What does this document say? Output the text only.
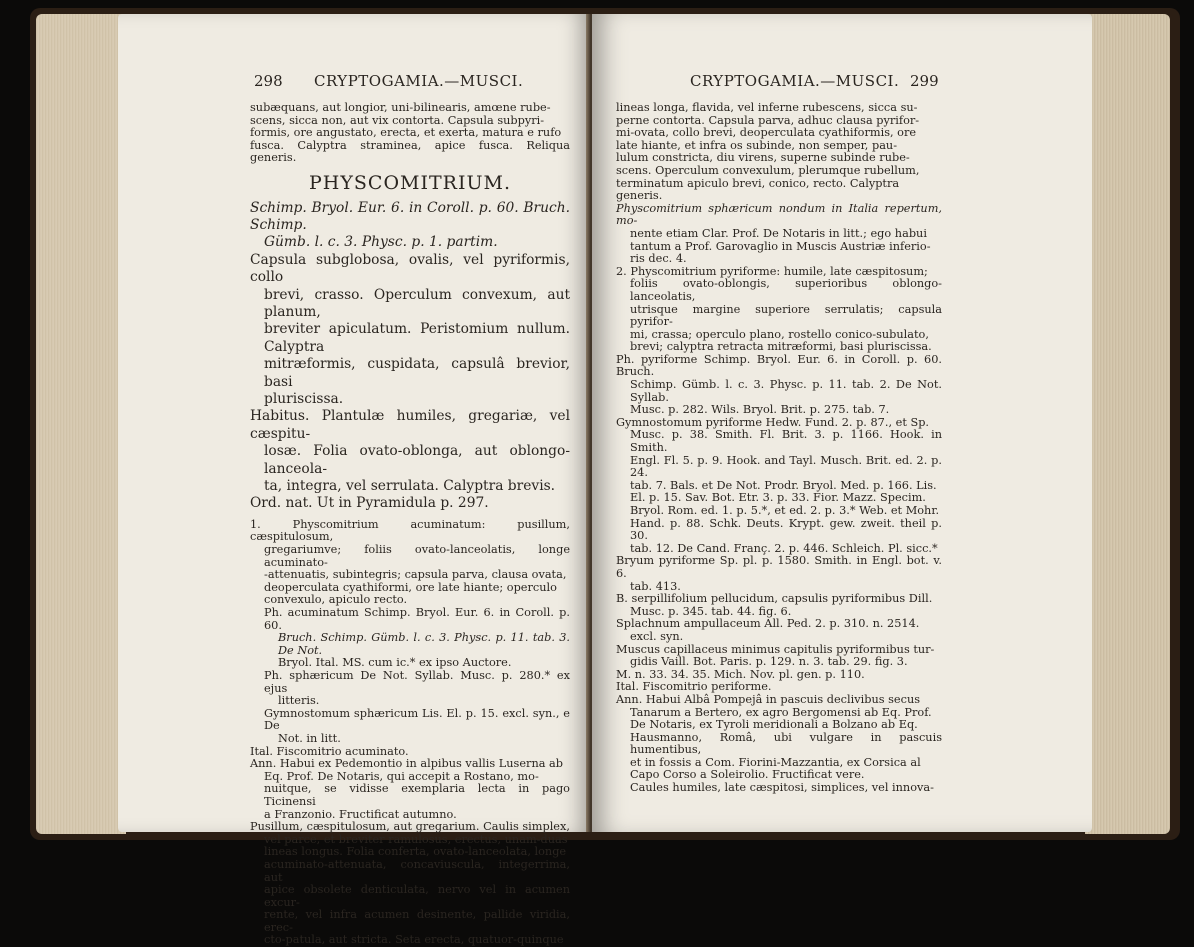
298 CRYPTOGAMIA.—MUSCI.

subæquans, aut longior, uni-bilinearis, amœne rube-

scens, sicca non, aut vix contorta. Capsula subpyri-

formis, ore angustato, erecta, et exerta, matura e rufo

fusca. Calyptra straminea, apice fusca. Reliqua generis.

PHYSCOMITRIUM.

Schimp. Bryol. Eur. 6. in Coroll. p. 60. Bruch. Schimp.

Gümb. l. c. 3. Physc. p. 1. partim.

Capsula subglobosa, ovalis, vel pyriformis, collo

brevi, crasso. Operculum convexum, aut planum,

breviter apiculatum. Peristomium nullum. Calyptra

mitræformis, cuspidata, capsulâ brevior, basi

pluriscissa.

Habitus. Plantulæ humiles, gregariæ, vel cæspitu-

losæ. Folia ovato-oblonga, aut oblongo-lanceola-

ta, integra, vel serrulata. Calyptra brevis.

Ord. nat. Ut in Pyramidula p. 297.

1. Physcomitrium acuminatum: pusillum, cæspitulosum,

gregariumve; foliis ovato-lanceolatis, longe acuminato-

-attenuatis, subintegris; capsula parva, clausa ovata,

deoperculata cyathiformi, ore late hiante; operculo

convexulo, apiculo recto.

Ph. acuminatum Schimp. Bryol. Eur. 6. in Coroll. p. 60.

Bruch. Schimp. Gümb. l. c. 3. Physc. p. 11. tab. 3. De Not.

Bryol. Ital. MS. cum ic.* ex ipso Auctore.

Ph. sphæricum De Not. Syllab. Musc. p. 280.* ex ejus

litteris.

Gymnostomum sphæricum Lis. El. p. 15. excl. syn., e De

Not. in litt.

Ital. Fiscomitrio acuminato.

Ann. Habui ex Pedemontio in alpibus vallis Luserna ab

Eq. Prof. De Notaris, qui accepit a Rostano, mo-

nuitque, se vidisse exemplaria lecta in pago Ticinensi

a Franzonio. Fructificat autumno.

Pusillum, cæspitulosum, aut gregarium. Caulis simplex,

vel parce, et breviter ramulosus, erectus, unam-duas

lineas longus. Folia conferta, ovato-lanceolata, longe

acuminato-attenuata, concaviuscula, integerrima, aut

apice obsolete denticulata, nervo vel in acumen excur-

rente, vel infra acumen desinente, pallide viridia, erec-

cto-patula, aut stricta. Seta erecta, quatuor-quinque

CRYPTOGAMIA.—MUSCI. 299

lineas longa, flavida, vel inferne rubescens, sicca su-

perne contorta. Capsula parva, adhuc clausa pyrifor-

mi-ovata, collo brevi, deoperculata cyathiformis, ore

late hiante, et infra os subinde, non semper, pau-

lulum constricta, diu virens, superne subinde rube-

scens. Operculum convexulum, plerumque rubellum,

terminatum apiculo brevi, conico, recto. Calyptra

generis.

Physcomitrium sphæricum nondum in Italia repertum, mo-

nente etiam Clar. Prof. De Notaris in litt.; ego habui

tantum a Prof. Garovaglio in Muscis Austriæ inferio-

ris dec. 4.

2. Physcomitrium pyriforme: humile, late cæspitosum;

foliis ovato-oblongis, superioribus oblongo-lanceolatis,

utrisque margine superiore serrulatis; capsula pyrifor-

mi, crassa; operculo plano, rostello conico-subulato,

brevi; calyptra retracta mitræformi, basi pluriscissa.

Ph. pyriforme Schimp. Bryol. Eur. 6. in Coroll. p. 60. Bruch.

Schimp. Gümb. l. c. 3. Physc. p. 11. tab. 2. De Not. Syllab.

Musc. p. 282. Wils. Bryol. Brit. p. 275. tab. 7.

Gymnostomum pyriforme Hedw. Fund. 2. p. 87., et Sp.

Musc. p. 38. Smith. Fl. Brit. 3. p. 1166. Hook. in Smith.

Engl. Fl. 5. p. 9. Hook. and Tayl. Musch. Brit. ed. 2. p. 24.

tab. 7. Bals. et De Not. Prodr. Bryol. Med. p. 166. Lis.

El. p. 15. Sav. Bot. Etr. 3. p. 33. Fior. Mazz. Specim.

Bryol. Rom. ed. 1. p. 5.*, et ed. 2. p. 3.* Web. et Mohr.

Hand. p. 88. Schk. Deuts. Krypt. gew. zweit. theil p. 30.

tab. 12. De Cand. Franç. 2. p. 446. Schleich. Pl. sicc.*

Bryum pyriforme Sp. pl. p. 1580. Smith. in Engl. bot. v. 6.

tab. 413.

B. serpillifolium pellucidum, capsulis pyriformibus Dill.

Musc. p. 345. tab. 44. fig. 6.

Splachnum ampullaceum All. Ped. 2. p. 310. n. 2514.

excl. syn.

Muscus capillaceus minimus capitulis pyriformibus tur-

gidis Vaill. Bot. Paris. p. 129. n. 3. tab. 29. fig. 3.

M. n. 33. 34. 35. Mich. Nov. pl. gen. p. 110.

Ital. Fiscomitrio periforme.

Ann. Habui Albâ Pompejâ in pascuis declivibus secus

Tanarum a Bertero, ex agro Bergomensi ab Eq. Prof.

De Notaris, ex Tyroli meridionali a Bolzano ab Eq.

Hausmanno, Româ, ubi vulgare in pascuis humentibus,

et in fossis a Com. Fiorini-Mazzantia, ex Corsica al

Capo Corso a Soleirolio. Fructificat vere.

Caules humiles, late cæspitosi, simplices, vel innova-
